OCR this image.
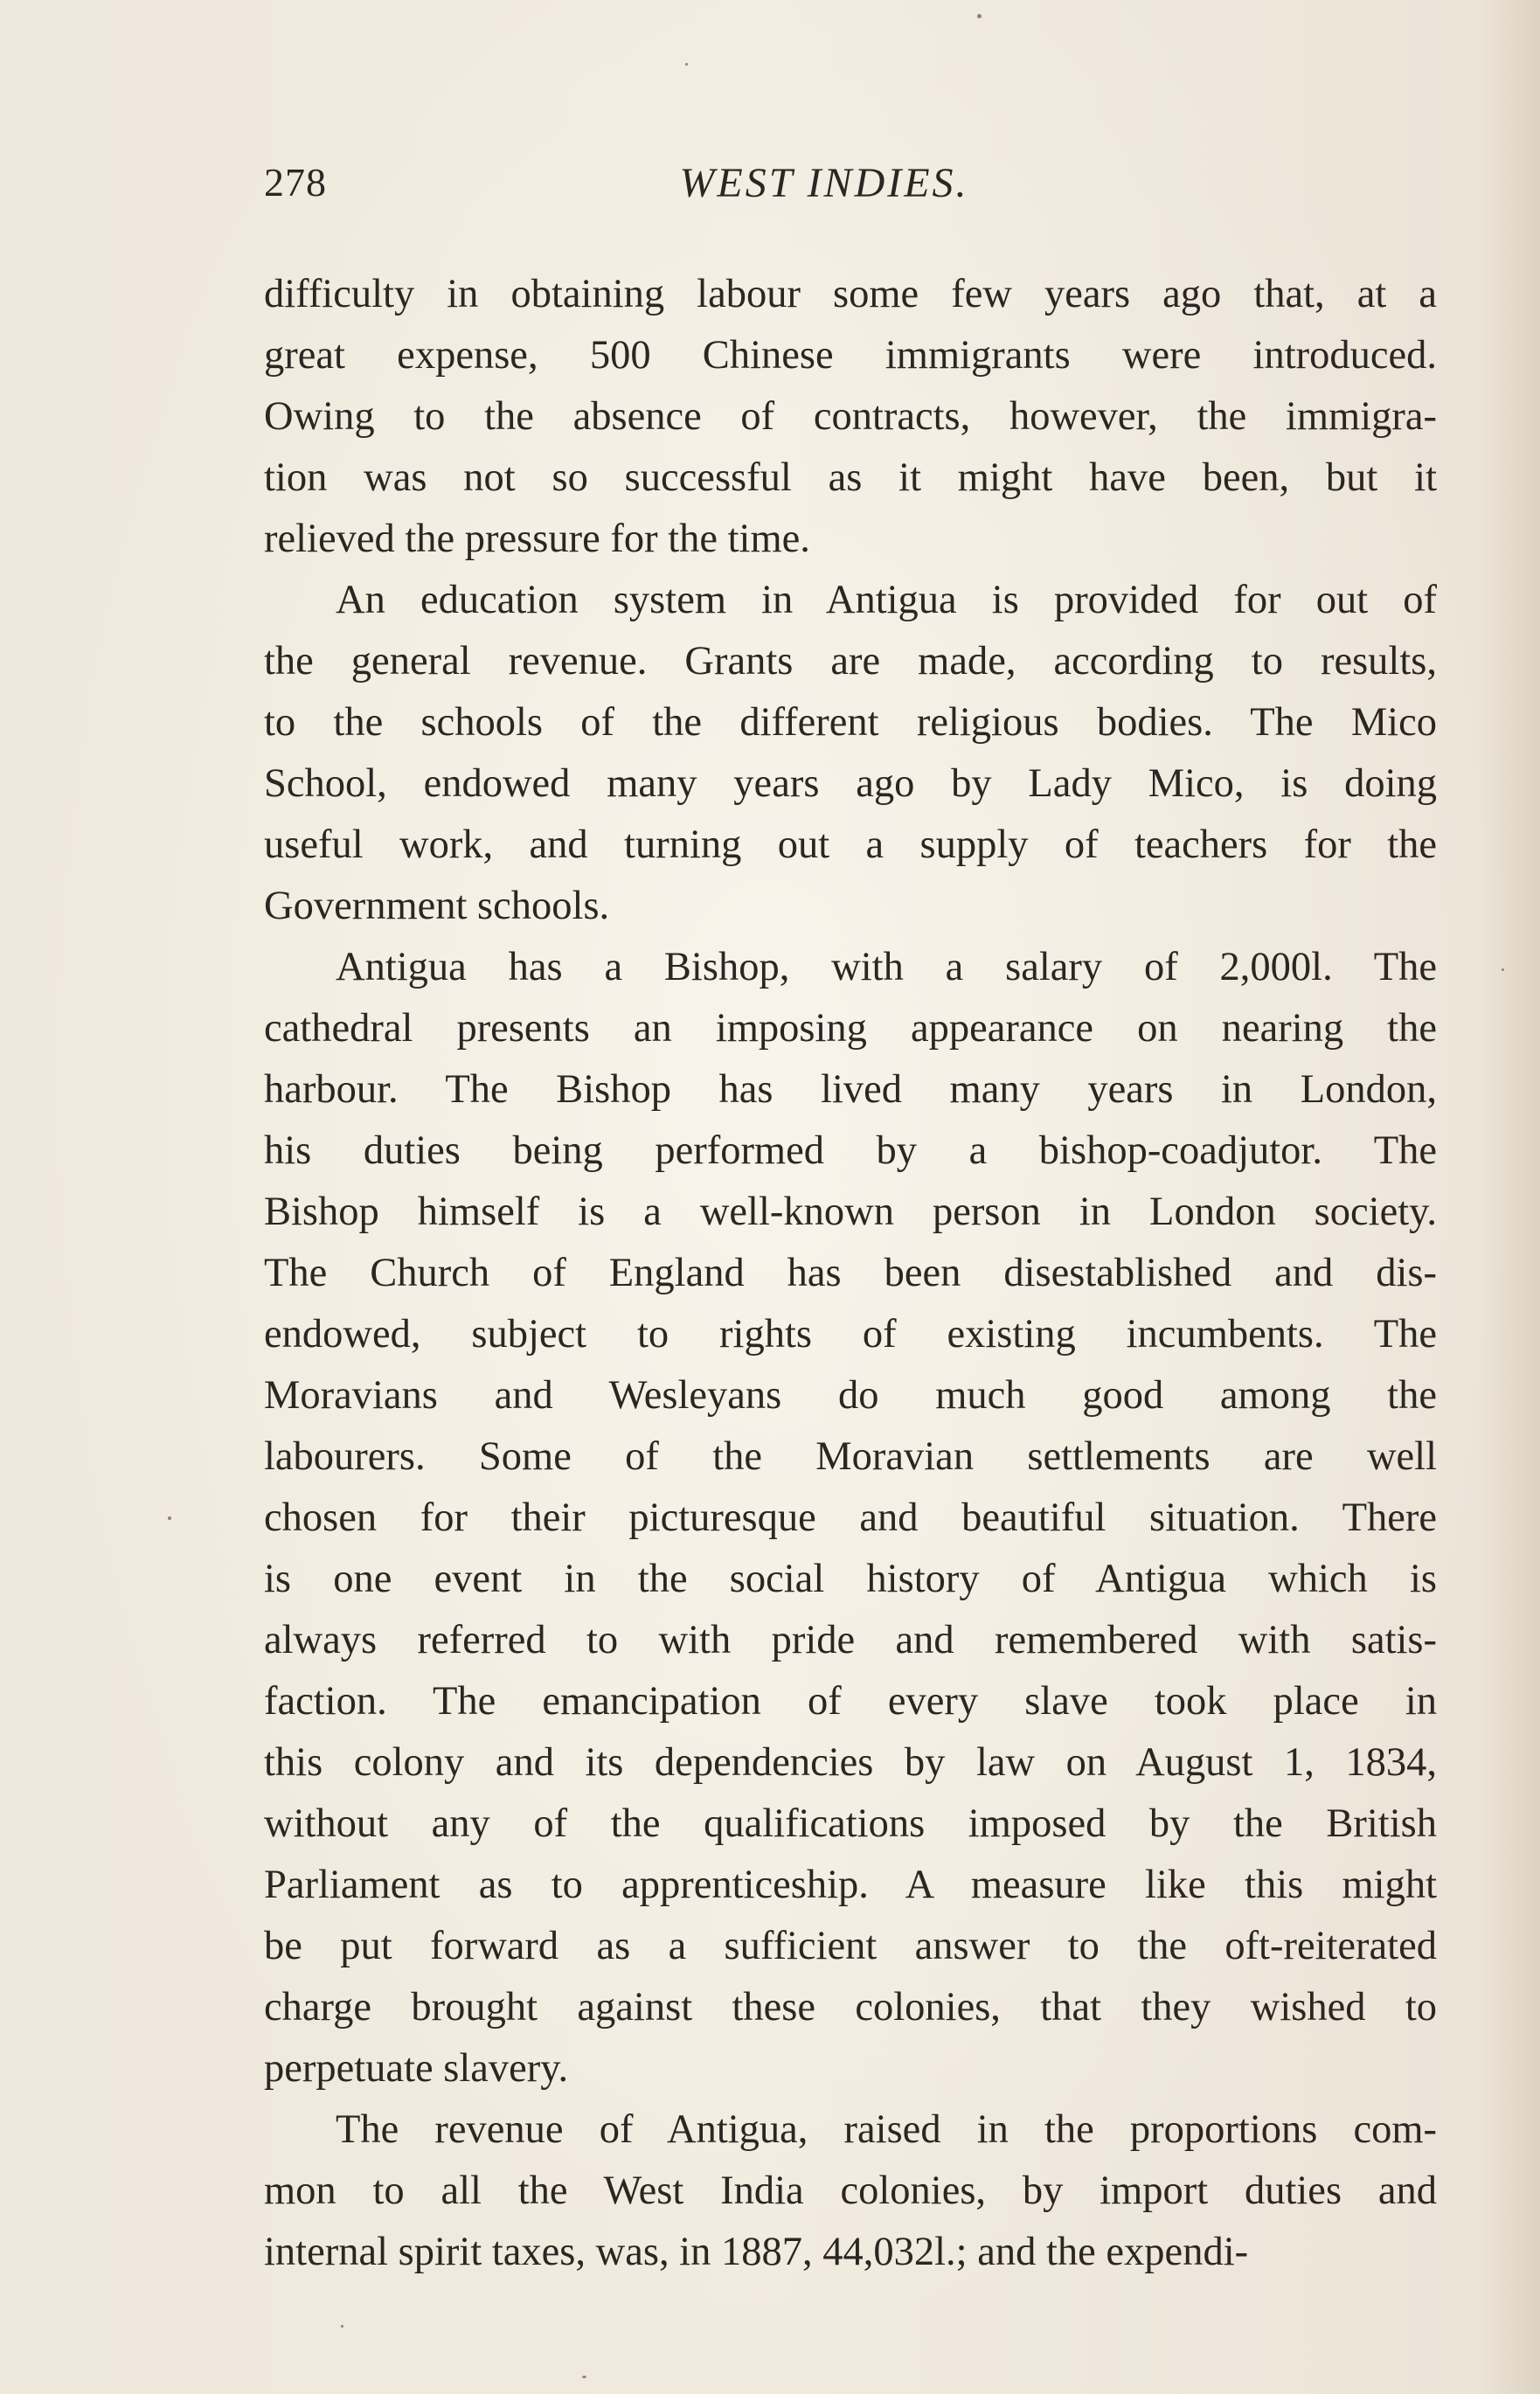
278	WEST INDIES.
difficulty in obtaining labour some few years ago that, at a
great expense, 500 Chinese immigrants were introduced.
Owing to the absence of contracts, however, the immigra-
tion was not so successful as it might have been, but it
relieved the pressure for the time.
An education system in Antigua is provided for out of
the general revenue. Grants are made, according to results,
to the schools of the different religious bodies. The Mico
School, endowed many years ago by Lady Mico, is doing
useful work, and turning out a supply of teachers for the
Government schools.
Antigua has a Bishop, with a salary of 2,000l. The
cathedral presents an imposing appearance on nearing the
harbour. The Bishop has lived many years in London,
his duties being performed by a bishop-coadjutor. The
Bishop himself is a well-known person in London society.
The Church of England has been disestablished and dis-
endowed, subject to rights of existing incumbents. The
Moravians and Wesleyans do much good among the
labourers. Some of the Moravian settlements are well
chosen for their picturesque and beautiful situation. There
is one event in the social history of Antigua which is
always referred to with pride and remembered with satis-
faction. The emancipation of every slave took place in
this colony and its dependencies by law on August 1, 1834,
without any of the qualifications imposed by the British
Parliament as to apprenticeship. A measure like this might
be put forward as a sufficient answer to the oft-reiterated
charge brought against these colonies, that they wished to
perpetuate slavery.
The revenue of Antigua, raised in the proportions com-
mon to all the West India colonies, by import duties and
internal spirit taxes, was, in 1887, 44,032l.; and the expendi-
